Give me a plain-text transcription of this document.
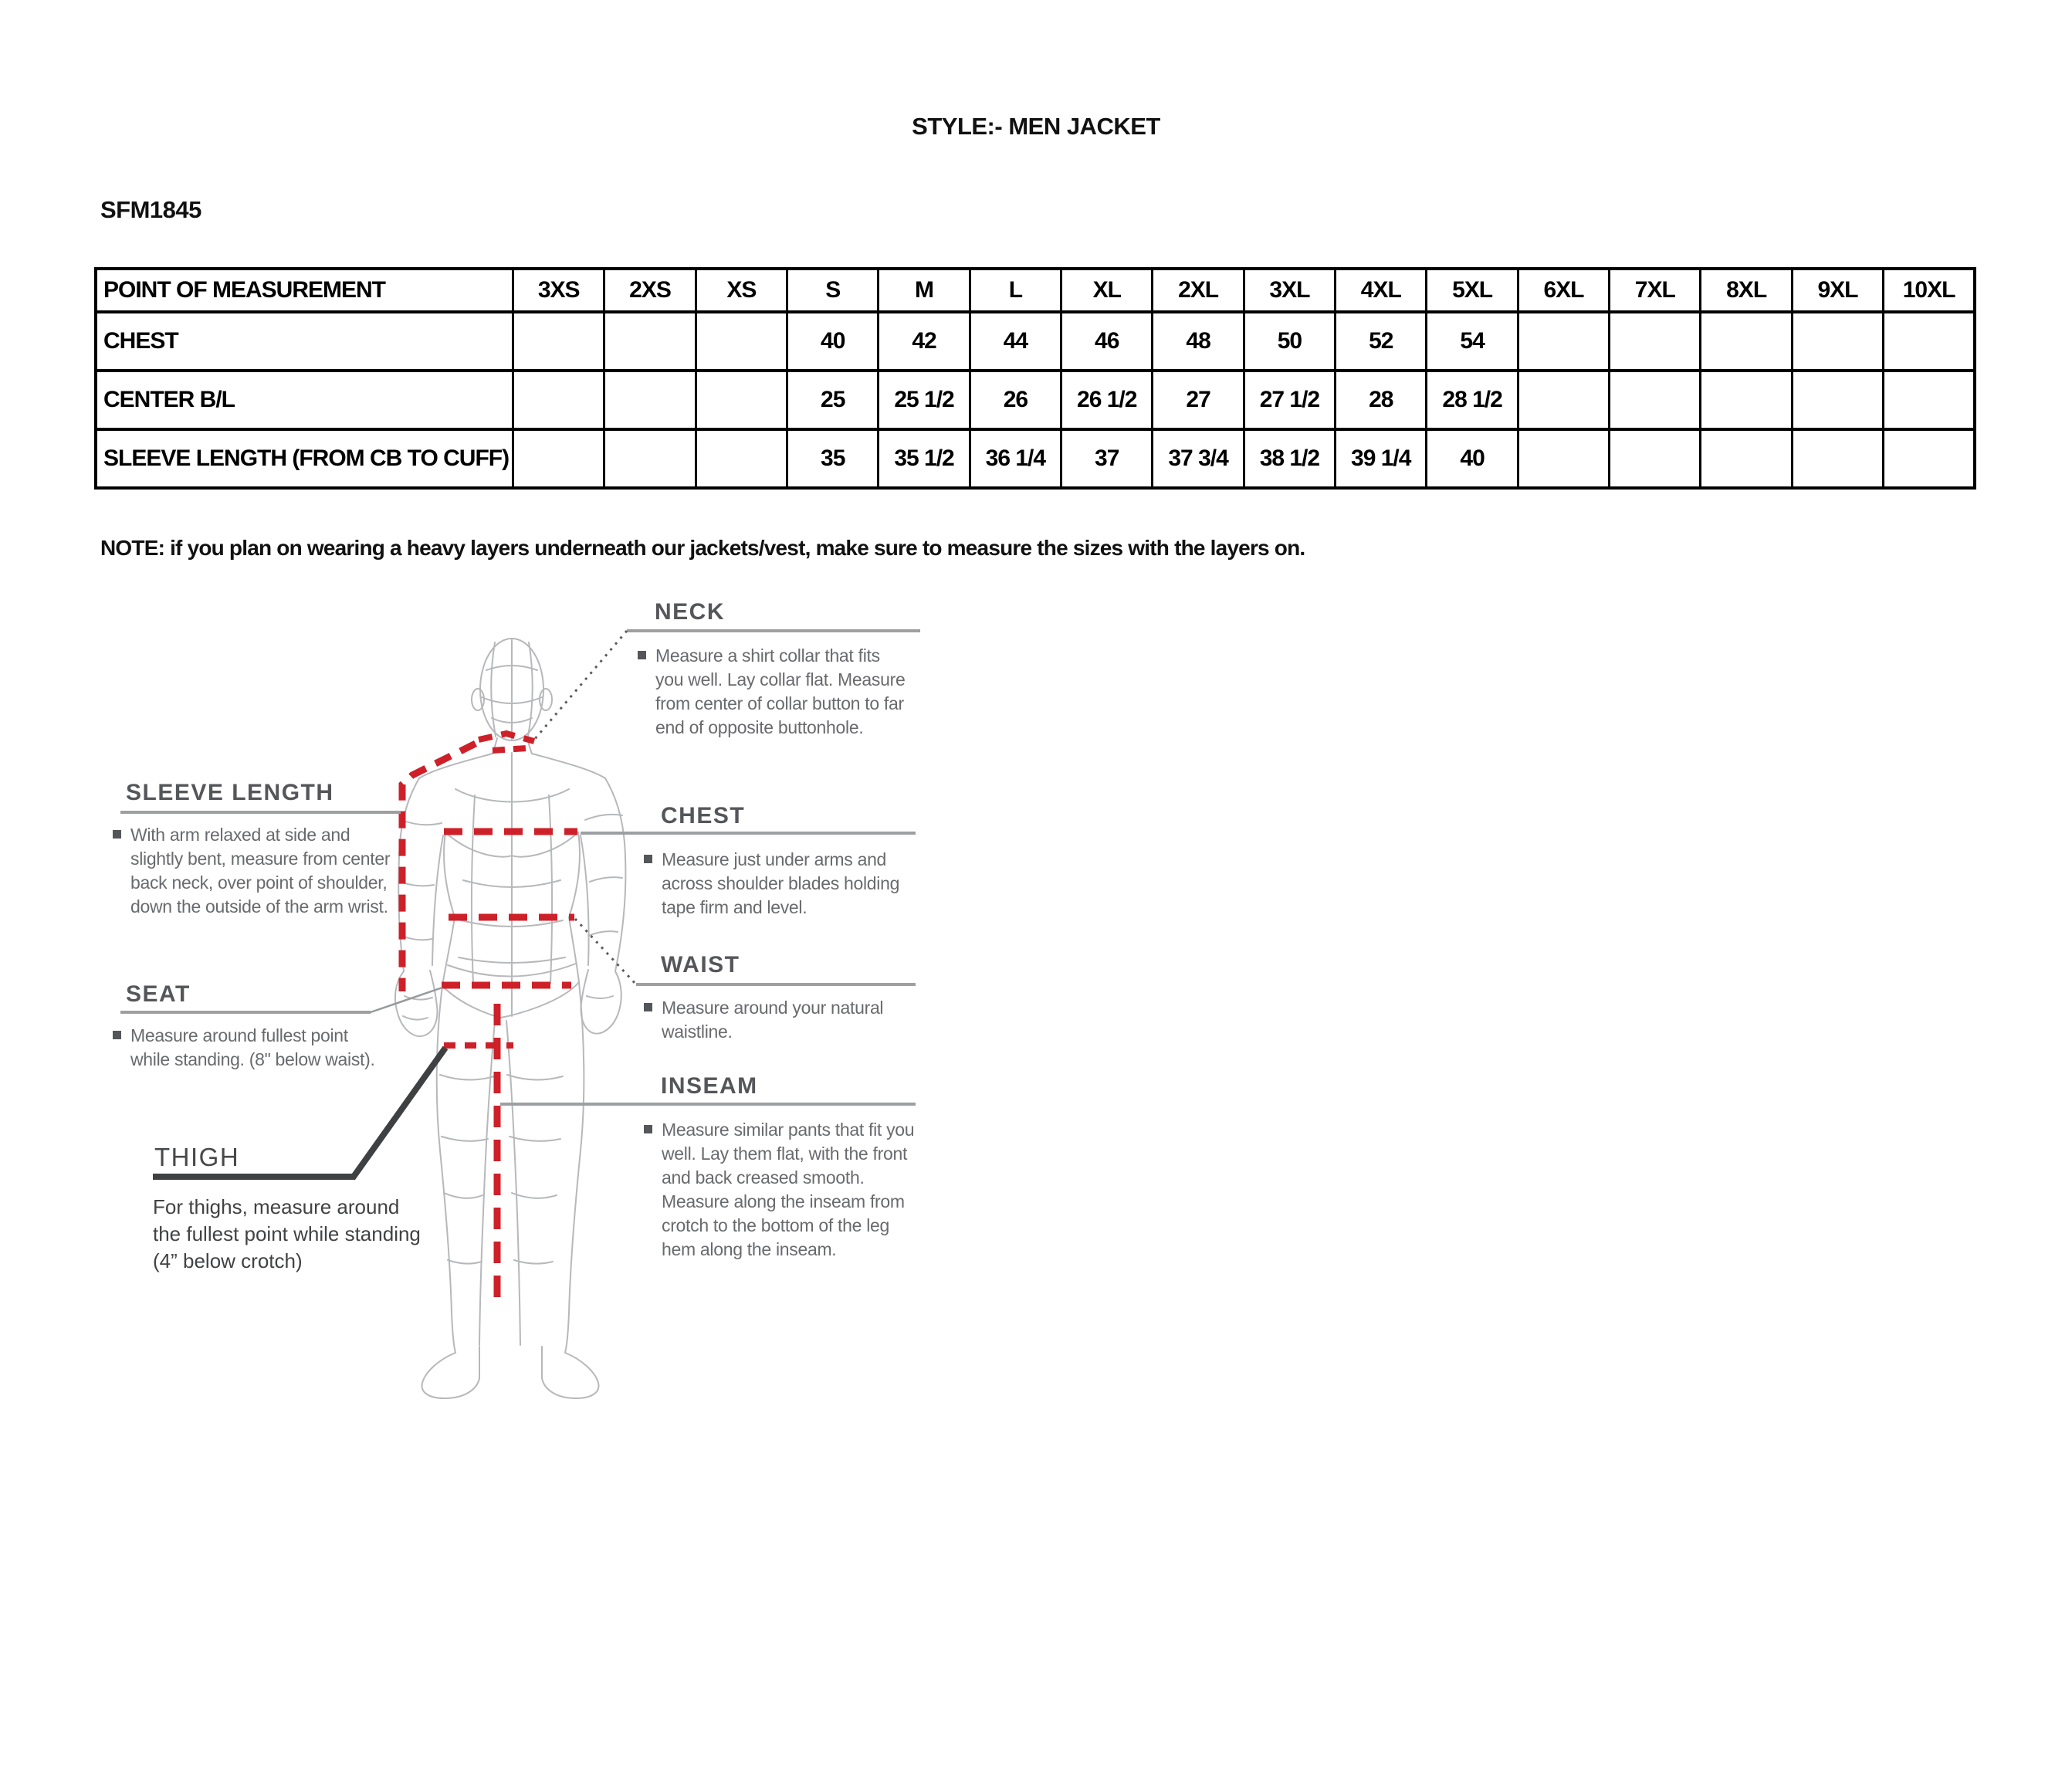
STYLE:- MEN JACKET
SFM1845
POINT OF MEASUREMENT	3XS	2XS	XS	S	M	L	XL	2XL	3XL	4XL	5XL	6XL	7XL	8XL	9XL	10XL
CHEST				40	42	44	46	48	50	52	54					
CENTER B/L				25	25 1/2	26	26 1/2	27	27 1/2	28	28 1/2					
SLEEVE LENGTH (FROM CB TO CUFF)				35	35 1/2	36 1/4	37	37 3/4	38 1/2	39 1/4	40					
NOTE: if you plan on wearing a heavy layers underneath our jackets/vest, make sure to measure the sizes with the layers on.
NECK
Measure a shirt collar that fits you well. Lay collar flat. Measure from center of collar button to far end of opposite buttonhole.
SLEEVE LENGTH
With arm relaxed at side and slightly bent, measure from center back neck, over point of shoulder, down the outside of the arm wrist.
CHEST
Measure just under arms and across shoulder blades holding tape firm and level.
SEAT
Measure around fullest point while standing. (8" below waist).
WAIST
Measure around your natural waistline.
INSEAM
Measure similar pants that fit you well. Lay them flat, with the front and back creased smooth. Measure along the inseam from crotch to the bottom of the leg hem along the inseam.
THIGH
For thighs, measure around the fullest point while standing (4” below crotch)
